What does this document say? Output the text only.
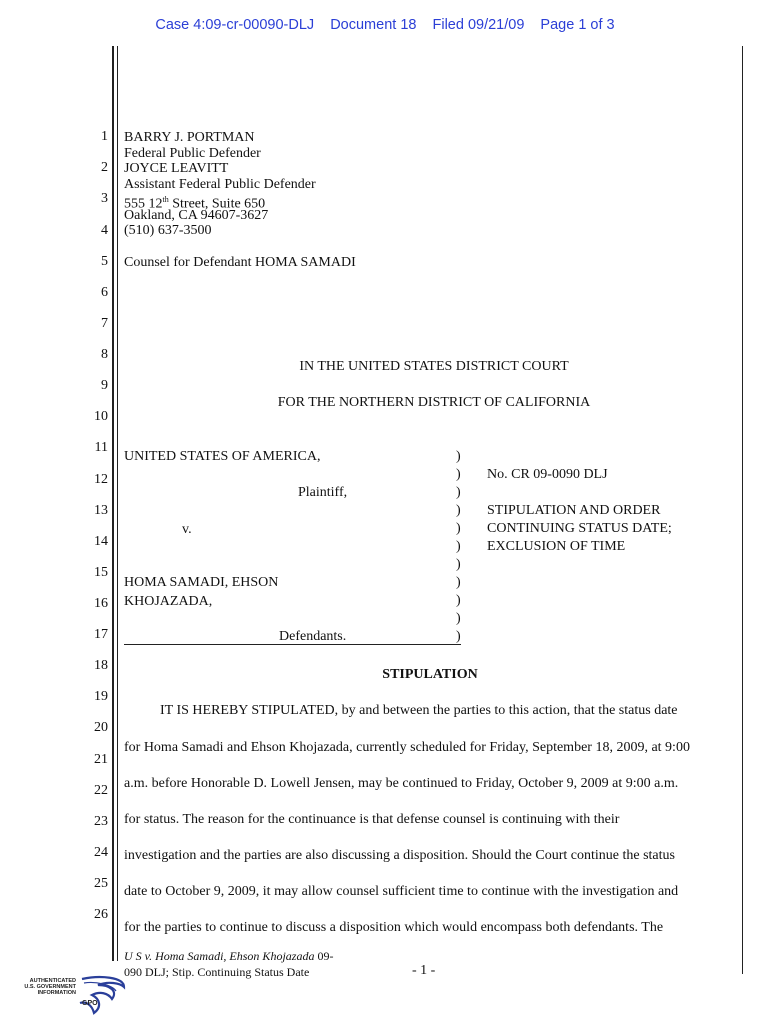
Case 4:09-cr-00090-DLJ Document 18 Filed 09/21/09 Page 1 of 3
1
2
3
4
5
6
7
8
9
10
11
12
13
14
15
16
17
18
19
20
21
22
23
24
25
26
BARRY J. PORTMAN
Federal Public Defender
JOYCE LEAVITT
Assistant Federal Public Defender
555 12th Street, Suite 650
Oakland, CA 94607-3627
(510) 637-3500
Counsel for Defendant HOMA SAMADI
IN THE UNITED STATES DISTRICT COURT
FOR THE NORTHERN DISTRICT OF CALIFORNIA
UNITED STATES OF AMERICA,
Plaintiff,
v.
HOMA SAMADI, EHSON
KHOJAZADA,
Defendants.
)
)
)
)
)
)
)
)
)
)
)
No. CR 09-0090 DLJ
STIPULATION AND ORDER
CONTINUING STATUS DATE;
EXCLUSION OF TIME
STIPULATION
IT IS HEREBY STIPULATED, by and between the parties to this action, that the status date
for Homa Samadi and Ehson Khojazada, currently scheduled for Friday, September 18, 2009, at 9:00
a.m. before Honorable D. Lowell Jensen, may be continued to Friday, October 9, 2009 at 9:00 a.m.
for status. The reason for the continuance is that defense counsel is continuing with their
investigation and the parties are also discussing a disposition. Should the Court continue the status
date to October 9, 2009, it may allow counsel sufficient time to continue with the investigation and
for the parties to continue to discuss a disposition which would encompass both defendants. The
U S v. Homa Samadi, Ehson Khojazada 09-
090 DLJ; Stip. Continuing Status Date	- 1 -
AUTHENTICATED
U.S. GOVERNMENT
INFORMATION
GPO
